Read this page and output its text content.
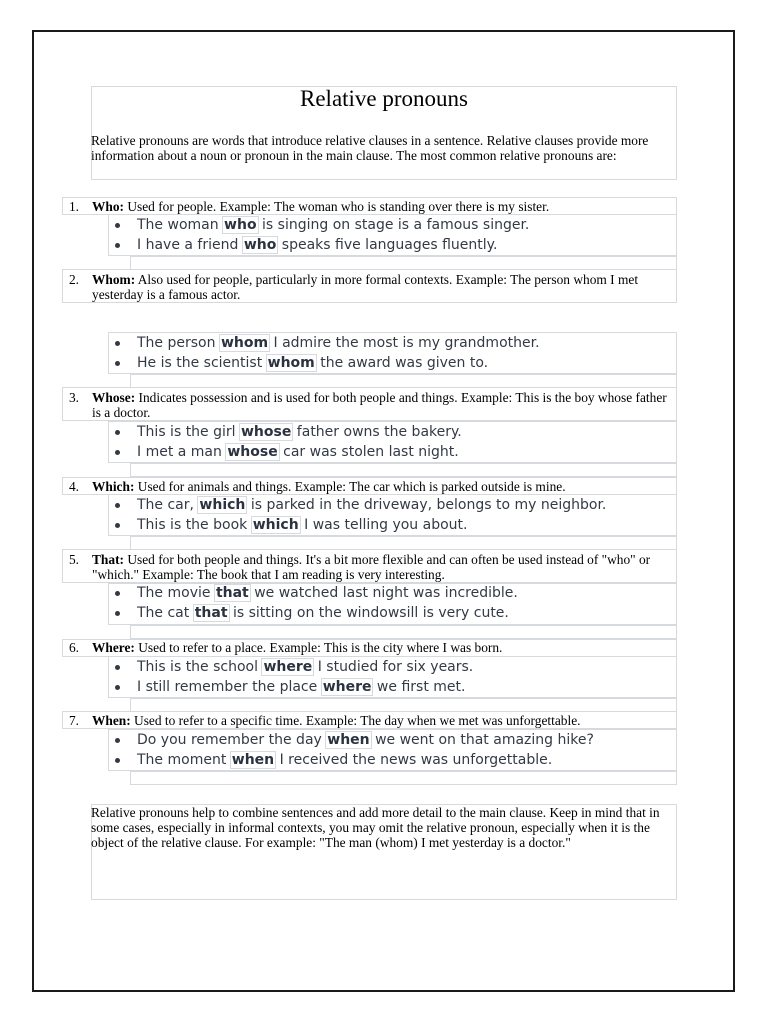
Relative pronouns
Relative pronouns are words that introduce relative clauses in a sentence. Relative clauses provide more information about a noun or pronoun in the main clause. The most common relative pronouns are:
1. Who: Used for people. Example: The woman who is standing over there is my sister.
The woman who is singing on stage is a famous singer.
I have a friend who speaks five languages fluently.
2. Whom: Also used for people, particularly in more formal contexts. Example: The person whom I met yesterday is a famous actor.
The person whom I admire the most is my grandmother.
He is the scientist whom the award was given to.
3. Whose: Indicates possession and is used for both people and things. Example: This is the boy whose father is a doctor.
This is the girl whose father owns the bakery.
I met a man whose car was stolen last night.
4. Which: Used for animals and things. Example: The car which is parked outside is mine.
The car, which is parked in the driveway, belongs to my neighbor.
This is the book which I was telling you about.
5. That: Used for both people and things. It's a bit more flexible and can often be used instead of "who" or "which." Example: The book that I am reading is very interesting.
The movie that we watched last night was incredible.
The cat that is sitting on the windowsill is very cute.
6. Where: Used to refer to a place. Example: This is the city where I was born.
This is the school where I studied for six years.
I still remember the place where we first met.
7. When: Used to refer to a specific time. Example: The day when we met was unforgettable.
Do you remember the day when we went on that amazing hike?
The moment when I received the news was unforgettable.
Relative pronouns help to combine sentences and add more detail to the main clause. Keep in mind that in some cases, especially in informal contexts, you may omit the relative pronoun, especially when it is the object of the relative clause. For example: "The man (whom) I met yesterday is a doctor."
